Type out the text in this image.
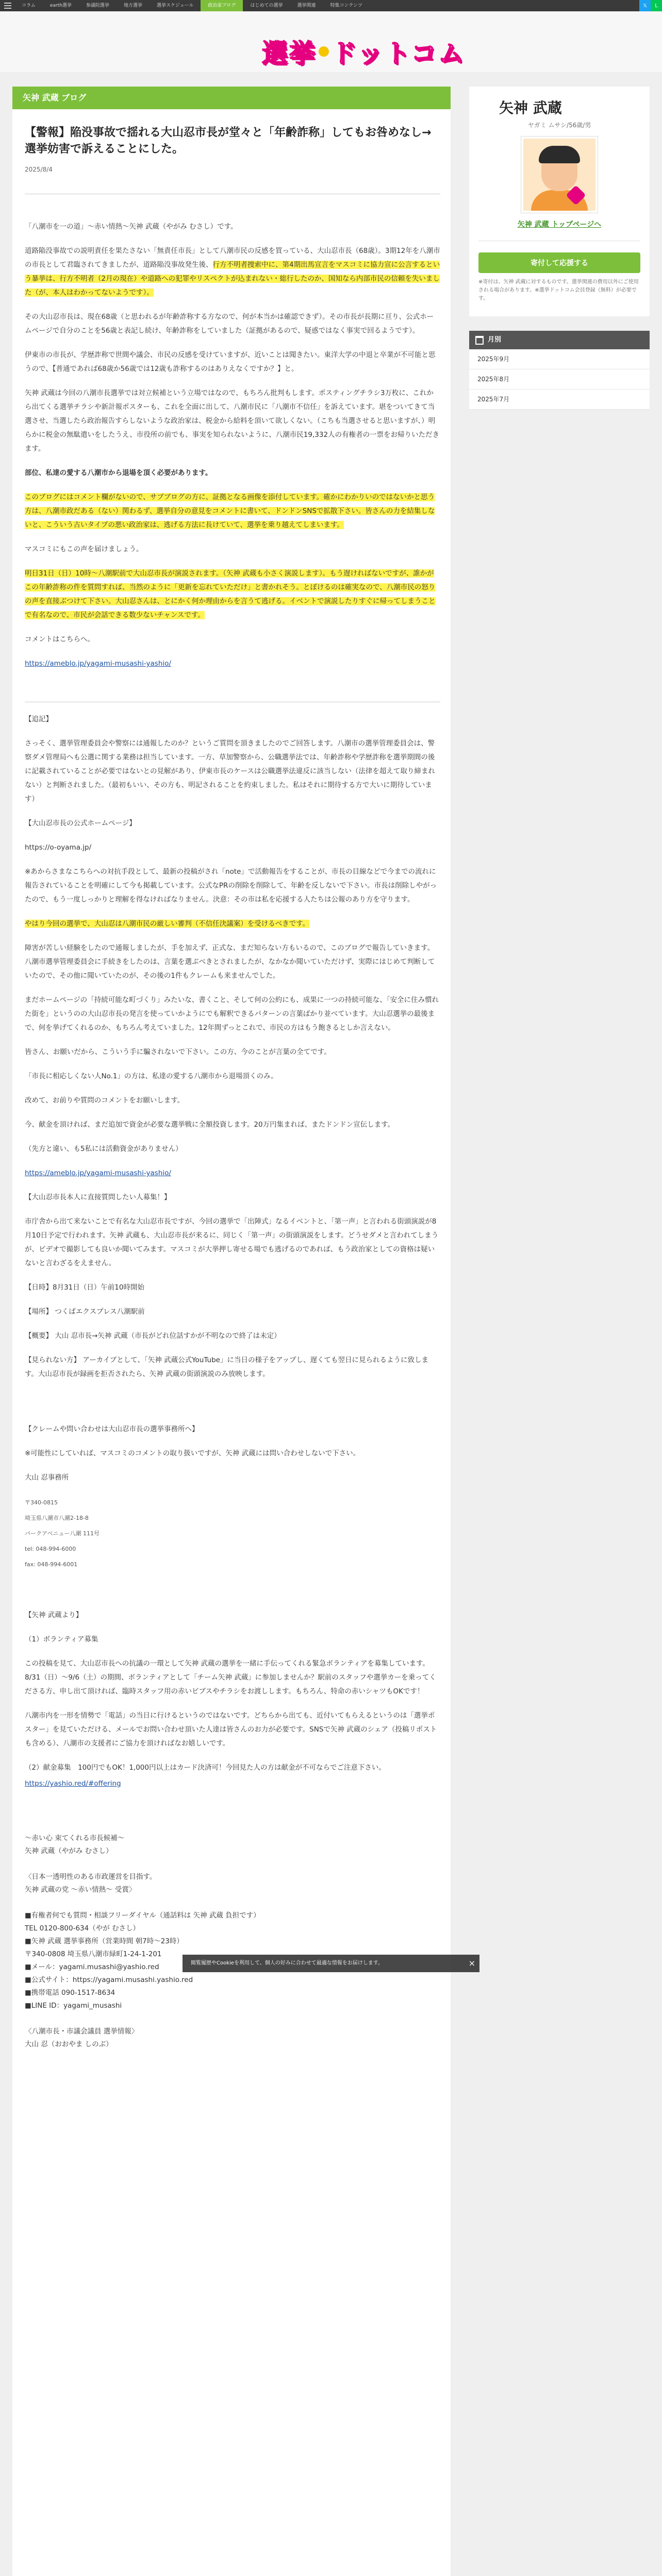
コラム	earth選挙	参議院選挙	地方選挙	選挙スケジュール	政治家ブログ	はじめての選挙	選挙関連	特集コンテンツ	𝕏	L
選挙 ドットコム
矢神 武蔵 ブログ
【警報】陥没事故で揺れる大山忍市長が堂々と「年齢詐称」してもお咎めなし→選挙妨害で訴えることにした。
2025/8/4

「八潮市を一の道」～赤い情熱～矢神 武蔵（やがみ むさし）です。

道路陥没事故での説明責任を果たさない「無責任市長」として八潮市民の反感を買っている、大山忍市長（68歳）。3期12年を八潮市の市長として君臨されてきましたが、道路陥没事故発生後、行方不明者捜索中に、第4期出馬宣言をマスコミに協力宣に公言するという暴挙は、行方不明者（2月の現在）や道路への犯罪やリスペクトが込まれない・総行したのか、国知なら内部市民の信頼を失いました（が、本人はわかってないようです）。

その大山忍市長は、現在68歳（と思われるが年齢詐称する方なので、何が本当かは確認できず）。その市長が長期に亘り、公式ホームページで自分のことを56歳と表記し続け、年齢詐称をしていました（証拠があるので、疑惑ではなく事実で回るようです）。

伊東市の市長が、学歴詐称で世間や議会、市民の反感を受けていますが、近いことは聞きたい。東洋大学の中退と卒業が不可能と思うので、【普通であれば68歳か56歳では12歳も詐称するのはありえなくですか？】と。

矢神 武蔵は今回の八潮市長選挙では対立候補という立場ではなので、もちろん批判もします。ポスティングチラシ3万枚に、これから出てくる選挙チラシや新計報ポスターも、これを全面に出して、八潮市民に「八潮市不信任」を訴えています。堪をついてきて当選させ、当選したら政治報告すらしないような政治家は、税金から給料を頂いて欲しくない。（こちも当選させると思いますが、）明らかに税金の無駄遣いをしたうえ、市役所の前でも、事実を知られないように、八潮市民19,332人の有権者の一票をお帰りいただきます。

部位、私達の愛する八潮市から退場を頂く必要があります。

このブログにはコメント欄がないので、サブブログの方に、証拠となる画像を添付しています。確かにわかりいのではないかと思う方は、八潮市政だある（ない）関わるず、選挙自分の意見をコメントに書いて、ドンドンSNSで拡散下さい。皆さんの力を結集しないと、こういう古いタイプの悪い政治家は、逃げる方法に長けていて、選挙を乗り越えてしまいます。

マスコミにもこの声を届けましょう。

明日31日（日）10時〜八潮駅前で大山忍市長が演説されます。（矢神 武蔵も小さく演説します）。もう遅ければないですが、誰かがこの年齢詐称の件を質問すれば、当然のように「更新を忘れていただけ」と書かれそう。とぼけるのは確実なので、八潮市民の怒りの声を直接ぶつけて下さい。大山忍さんは、とにかく何か理由からを言うて逃げる。イベントで演説したりすぐに帰ってしまうことで有名なので、市民が会話できる数少ないチャンスです。

コメントはこちらへ。

https://ameblo.jp/yagami-musashi-yashio/

【追記】

さっそく、選挙管理委員会や警察には通報したのか？というご質問を頂きましたのでご回答します。八潮市の選挙管理委員会は、警察ダメ管理局へも公選に関する業務は担当しています。一方、草加警察から、公職選挙法では、年齢詐称や学歴詐称を選挙期間の後に記載されていることが必要ではないとの見解があり、伊東市長のケースは公職選挙法違反に該当しない（法律を超えて取り締まれない）と判断されました。（最初もいい、その方も、明記されることを約束しました。私はそれに期待する方で大いに期待しています）

【大山忍市長の公式ホームページ】

https://o-oyama.jp/

※あからさまなこちらへの対抗手段として、最新の投稿がされ「note」で活動報告をすることが、市長の目線などで今までの流れに報告されていることを明確にして今も掲載しています。公式なPRの削除を削除して、年齢を反しないで下さい。市長は削除しやがったので、もう一度しっかりと理解を得なければなりません。決意：その市は私を応援する人たちは公報のあり方を守ります。

やはり今回の選挙で、大山忍は八潮市民の厳しい審判（不信任決議案）を受けるべきです。

障害が苦しい経験をしたので通報しましたが、手を加えず、正式な、まだ知らない方もいるので、このブログで報告していきます。八潮市選挙管理委員会に手続きをしたのは、言葉を選ぶべきとされましたが、なかなか聞いていただけず、実際にはじめて判断していたので、その他に聞いていたのが、その後の1件もクレームも来ませんでした。

まだホームページの「持続可能な町づくり」みたいな、書くこと、そして何の公約にも、成果に一つの持続可能な、「安全に住み慣れた街を」というのの大山忍市長の発言を使っていかようにでも解釈できるパターンの言葉ばかり並べています。大山忍選挙の最後まで、何を挙げてくれるのか、もちろん考えていました。12年間ずっとこれで、市民の方はもう飽きるとしか言えない。

皆さん、お願いだから、こういう手に騙されないで下さい。この方、今のことが言葉の全てです。

「市長に相応しくない人No.1」の方は、私達の愛する八潮市から退場頂くのみ。

改めて、お前りや質問のコメントをお願いします。

今、献金を頂ければ、まだ追加で資金が必要な選挙戦に全額投資します。20万円集まれば、またドンドン宣伝します。

（先方と違い、も5私には活動資金がありません）

https://ameblo.jp/yagami-musashi-yashio/

【大山忍市長本人に直接質問したい人募集！】

市庁舎から出て来ないことで有名な大山忍市長ですが、今回の選挙で「出陣式」なるイベントと、「第一声」と言われる街頭演説が8月10日予定で行われます。矢神 武蔵も、大山忍市長が来るに、同じく「第一声」の街頭演説をします。どうせダメと言われてしまうが、ビデオで撮影しても良いか聞いてみます。マスコミが大挙押し寄せる場でも逃げるのであれば、もう政治家としての資格は疑いないと言わざるをえません。

【日時】8月31日（日）午前10時開始

【場所】 つくばエクスプレス八潮駅前

【概要】 大山 忍市長→矢神 武蔵（市長がどれ位話すかが不明なので終了は未定）

【見られない方】 アーカイブとして、「矢神 武蔵公式YouTube」に当日の様子をアップし、遅くても翌日に見られるように致します。大山忍市長が録画を拒否されたら、矢神 武蔵の街頭演説のみ放映します。

【クレームや問い合わせは大山忍市長の選挙事務所へ】

※可能性にしていれば、マスコミのコメントの取り扱いですが、矢神 武蔵には問い合わせしないで下さい。

大山 忍事務所

〒340-0815
埼玉県八潮市八潮2-18-8
パークアベニュー八潮 111号
tel: 048-994-6000
fax: 048-994-6001

【矢神 武蔵より】

（1）ボランティア募集

この投稿を見て、大山忍市長への抗議の一環として矢神 武蔵の選挙を一緒に手伝ってくれる緊急ボランティアを募集しています。8/31（日）〜9/6（土）の期間、ボランティアとして「チーム矢神 武蔵」に参加しませんか？駅前のスタッフや選挙カーを乗ってくださる方、申し出て頂ければ、臨時スタッフ用の赤いビブスやチラシをお渡しします。もちろん、特命の赤いシャツもOKです！

八潮市内を一形を情勢で「電話」の当日に行けるというのではないです。どちらから出ても、近付いてもらえるというのは「選挙ポスター」を見ていただける、メールでお問い合わせ頂いた人達は皆さんのお力が必要です。SNSで矢神 武蔵のシェア（投稿リポストも含める）、八潮市の支援者にご協力を頂ければなお嬉しいです。

（2）献金募集　100円でもOK！1,000円以上はカード決済可！今回見た人の方は献金が不可ならでご注意下さい。

https://yashio.red/#offering

〜赤い心 束てくれる市長候補〜
矢神 武蔵（やがみ むさし）

〈日本一透明性のある市政運営を目指す。
矢神 武蔵の党 〜赤い情熱〜 受賞〉

■有権者何でも質問・相談フリーダイヤル（通話料は 矢神 武蔵 負担です）
TEL 0120-800-634（やが むさし）
■矢神 武蔵 選挙事務所（営業時間 朝7時〜23時）
〒340-0808 埼玉県八潮市緑町1-24-1-201
■メール：yagami.musashi@yashio.red
■公式サイト：https://yagami.musashi.yashio.red
■携帯電話 090-1517-8634
■LINE ID：yagami_musashi

〈八潮市長・市議会議員 選挙情報〉
大山 忍（おおやま しのぶ）
矢神 武蔵
ヤガミ ムサシ/56歳/男
矢神 武蔵 トップページへ
寄付して応援する
※寄付は、矢神 武蔵に対するものです。選挙関連の費用以外にご使用される場合があります。※選挙ドットコム会員登録（無料）が必要です。
月別
2025年9月
2025年8月
2025年7月
閲覧履歴やCookieを利用して、個人の好みに合わせて最適な情報をお届けします。	×
